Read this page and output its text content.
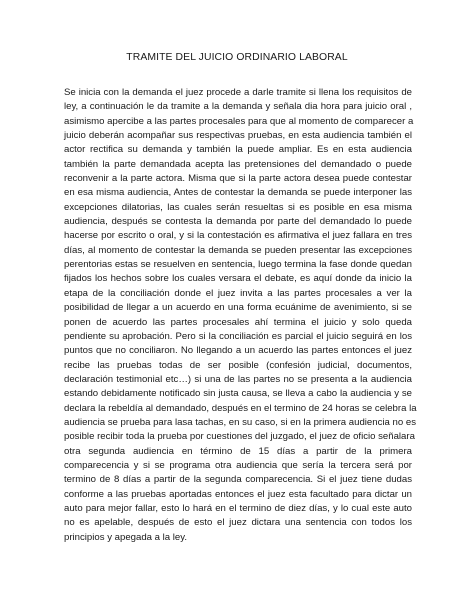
TRAMITE DEL JUICIO ORDINARIO LABORAL
Se inicia con la demanda el juez procede a darle tramite si llena los requisitos de
ley, a continuación le da tramite a la demanda y señala dia hora para juicio oral ,
asimismo apercibe a las partes procesales para que al momento de comparecer a
juicio deberán acompañar sus respectivas pruebas, en esta audiencia también el
actor rectifica su demanda y también la puede ampliar. Es en esta audiencia
también la parte demandada acepta las pretensiones del demandado o puede
reconvenir a la parte actora. Misma que si la parte actora desea puede contestar
en esa misma audiencia, Antes de contestar la demanda se puede interponer las
excepciones dilatorias, las cuales serán resueltas si es posible en esa misma
audiencia, después se contesta la demanda por parte del demandado lo puede
hacerse por escrito o oral, y si la contestación es afirmativa el juez fallara en tres
días, al momento de contestar la demanda se pueden presentar las excepciones
perentorias estas se resuelven en sentencia, luego termina la fase donde quedan
fijados los hechos sobre los cuales versara el debate, es aquí donde da inicio la
etapa de la conciliación donde el juez invita a las partes procesales a ver la
posibilidad de llegar a un acuerdo en una forma ecuánime de avenimiento, si se
ponen de acuerdo las partes procesales ahí termina el juicio y solo queda
pendiente su aprobación. Pero si la conciliación es parcial el juicio seguirá en los
puntos que no conciliaron. No llegando a un acuerdo las partes entonces el juez
recibe las pruebas todas de ser posible (confesión judicial, documentos,
declaración testimonial etc…) si una de las partes no se presenta a la audiencia
estando debidamente notificado sin justa causa, se lleva a cabo la audiencia y se
declara la rebeldía al demandado, después en el termino de 24 horas se celebra la
audiencia se prueba para lasa tachas, en su caso, si en la primera audiencia no es
posible recibir toda la prueba por cuestiones del juzgado, el juez de oficio señalara
otra segunda audiencia en término de 15 días a partir de la primera
comparecencia y si se programa otra audiencia que sería la tercera será por
termino de 8 días a partir de la segunda comparecencia. Si el juez tiene dudas
conforme a las pruebas aportadas entonces el juez esta facultado para dictar un
auto para mejor fallar, esto lo hará en el termino de diez días, y lo cual este auto
no es apelable, después de esto el juez dictara una sentencia con todos los
principios y apegada a la ley.
